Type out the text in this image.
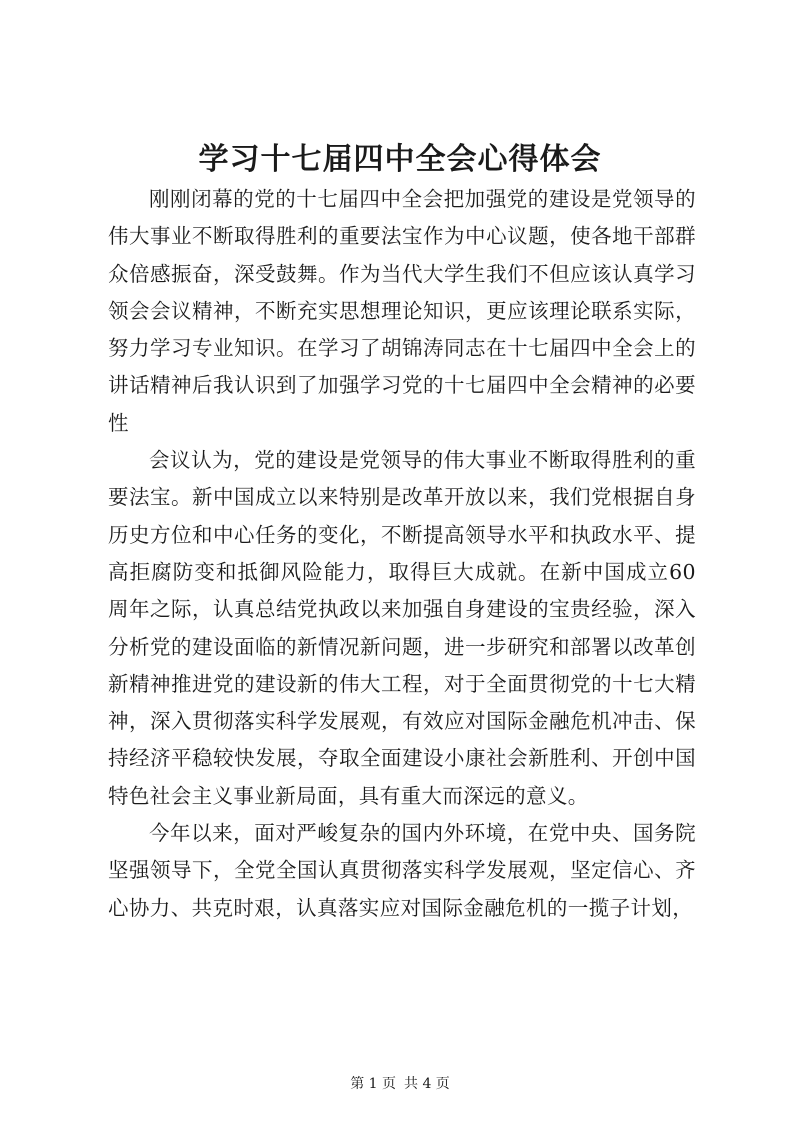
学习十七届四中全会心得体会

刚刚闭幕的党的十七届四中全会把加强党的建设是党领导的伟大事业不断取得胜利的重要法宝作为中心议题，使各地干部群众倍感振奋，深受鼓舞。作为当代大学生我们不但应该认真学习领会会议精神，不断充实思想理论知识，更应该理论联系实际，努力学习专业知识。在学习了胡锦涛同志在十七届四中全会上的讲话精神后我认识到了加强学习党的十七届四中全会精神的必要性

会议认为，党的建设是党领导的伟大事业不断取得胜利的重要法宝。新中国成立以来特别是改革开放以来，我们党根据自身历史方位和中心任务的变化，不断提高领导水平和执政水平、提高拒腐防变和抵御风险能力，取得巨大成就。在新中国成立60周年之际，认真总结党执政以来加强自身建设的宝贵经验，深入分析党的建设面临的新情况新问题，进一步研究和部署以改革创新精神推进党的建设新的伟大工程，对于全面贯彻党的十七大精神，深入贯彻落实科学发展观，有效应对国际金融危机冲击、保持经济平稳较快发展，夺取全面建设小康社会新胜利、开创中国特色社会主义事业新局面，具有重大而深远的意义。

今年以来，面对严峻复杂的国内外环境，在党中央、国务院坚强领导下，全党全国认真贯彻落实科学发展观，坚定信心、齐心协力、共克时艰，认真落实应对国际金融危机的一揽子计划，

第 1 页 共 4 页
